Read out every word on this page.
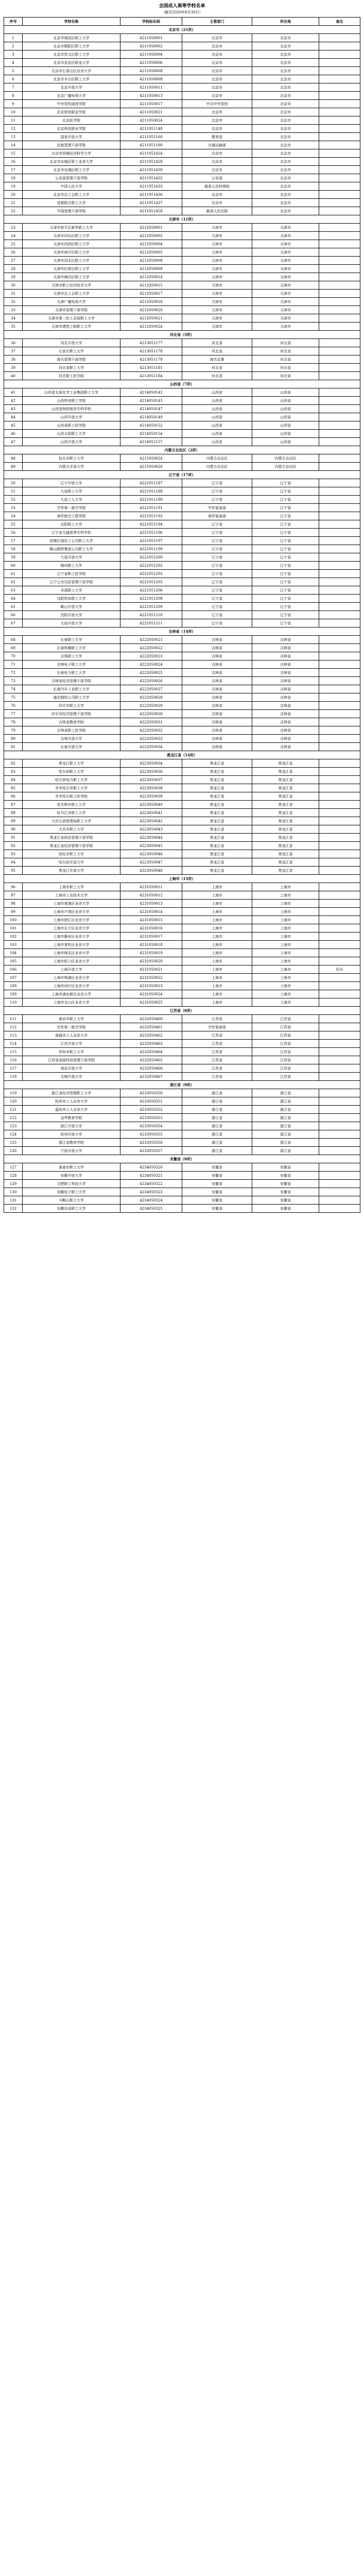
全国成人高等学校名单
（截至2020年6月30日）
序号	学校名称	学校标识码	主管部门	所在地	备注
北京市（21所）					
1	北京市海淀区职工大学	4211050001	北京市	北京市	
2	北京市朝阳区职工大学	4211050002	北京市	北京市	
3	北京市崇文区职工大学	4211050004	北京市	北京市	
4	北京市宣武区职业大学	4211050006	北京市	北京市	
5	北京市石景山区业余大学	4211050008	北京市	北京市	
6	北京市丰台区职工大学	4211050009	北京市	北京市	
7	北京开放大学	4211050011	北京市	北京市	
8	北京广播电视大学	4211050013	北京市	北京市	
9	中央党校函授学院	4211050017	中共中央党校	北京市	
10	北京财贸职业学院	4211050021	北京市	北京市	
11	北京医学院	4211050024	北京市	北京市	
12	北京科技职业学院	4211051148	北京市	北京市	
13	国家开放大学	4211051160	教育部	北京市	
14	民航管理干部学院	4211051180	交通运输部	北京市	
15	北京市西城经济科学大学	4211051424	北京市	北京市	
16	北京市东城区职工业余大学	4211051428	北京市	北京市	
17	北京市东城区职工大学	4211051430	北京市	北京市	
18	公安部管理干部学院	4211051432	公安部	北京市	
19	中国人民大学	4211051433	最高人民检察院	北京市	
20	北京市总工会职工大学	4211051436	北京市	北京市	
21	首都联合职工大学	4211051437	北京市	北京市	
22	中国管理干部学院	4211051458	最高人民法院	北京市	
天津市（11所）					
23	天津市和平区新华职工大学	4212050001	天津市	天津市	
24	天津市河东区职工大学	4212050002	天津市	天津市	
25	天津市河西区职工大学	4212050004	天津市	天津市	
26	天津市南开区职工大学	4212050005	天津市	天津市	
27	天津市河北区职工大学	4212050008	天津市	天津市	
28	天津市红桥区职工大学	4212050009	天津市	天津市	
29	天津市塘沽区职工大学	4212050014	天津市	天津市	
30	天津市职工经济技术大学	4212050015	天津市	天津市	
31	天津市总工会职工大学	4212050017	天津市	天津市	
32	天津广播电视大学	4212050018	天津市	天津市	
33	天津市管理干部学院	4212050020	天津市	天津市	
34	天津市第二轻工业局职工大学	4212050021	天津市	天津市	
35	天津市建筑工程职工大学	4212050024	天津市	天津市	
河北省（5所）					
36	河北开放大学	4213051177	河北省	河北省	
37	石家庄职工大学	4213051178	河北省	河北省	
38	海关管理干部学院	4213051179	海关总署	河北省	
39	河北省职工大学	4213051181	河北省	河北省	
40	河北职工医学院	4213051184	河北省	河北省	
山西省（7所）					
41	山西省太原化学工业集团职工大学	4214050142	山西省	山西省	
42	山西机电职工学院	4214050145	山西省	山西省	
43	山西省财政税务专科学校	4214050147	山西省	山西省	
44	山西开放大学	4214050149	山西省	山西省	
45	山西省职工医学院	4214050152	山西省	山西省	
46	山西太原职工大学	4214050154	山西省	山西省	
47	山西开放大学	4214051157	山西省	山西省	
内蒙古自治区（2所）					
48	包头市职工大学	4215050024	内蒙古自治区	内蒙古自治区	
49	内蒙古开放大学	4215050026	内蒙古自治区	内蒙古自治区	
辽宁省（17所）					
50	辽宁开放大学	4221051187	辽宁省	辽宁省	
51	大连职工大学	4221051188	辽宁省	辽宁省	
52	大连工人大学	4221051190	辽宁省	辽宁省	
53	空军第一航空学院	4221051191	空军装备部	辽宁省	
54	海军航空工程学院	4221051193	海军装备部	辽宁省	
55	沈阳职工大学	4221051194	辽宁省	辽宁省	
56	辽宁省交通高等专科学校	4221051196	辽宁省	辽宁省	
57	抚顺石油化工公司职工大学	4221051197	辽宁省	辽宁省	
58	鞍山钢铁集团公司职工大学	4221051199	辽宁省	辽宁省	
59	大连开放大学	4221051200	辽宁省	辽宁省	
60	锦州职工大学	4221051202	辽宁省	辽宁省	
61	辽宁省职工医学院	4221051203	辽宁省	辽宁省	
62	辽宁公安司法管理干部学院	4221051205	辽宁省	辽宁省	
63	本溪职工大学	4221051206	辽宁省	辽宁省	
64	沈阳机床职工大学	4221051208	辽宁省	辽宁省	
65	鞍山开放大学	4221051209	辽宁省	辽宁省	
66	沈阳开放大学	4221051210	辽宁省	辽宁省	
67	大连开放大学	4221051211	辽宁省	辽宁省	
吉林省（14所）					
68	长春职工大学	4222050021	吉林省	吉林省	
69	长春机械职工大学	4222050022	吉林省	吉林省	
70	吉林职工大学	4222050023	吉林省	吉林省	
71	吉林电子职工大学	4222050024	吉林省	吉林省	
72	长春电力职工大学	4222050025	吉林省	吉林省	
73	吉林省经济管理干部学院	4222050026	吉林省	吉林省	
74	长春汽车工业职工大学	4222050027	吉林省	吉林省	
75	通化钢铁公司职工大学	4222050028	吉林省	吉林省	
76	四平市职工大学	4222050029	吉林省	吉林省	
77	四平市经济管理干部学院	4222050030	吉林省	吉林省	
78	吉林省教育学院	4222050031	吉林省	吉林省	
79	吉林省职工医学院	4222050032	吉林省	吉林省	
80	吉林开放大学	4222050033	吉林省	吉林省	
81	长春开放大学	4222050034	吉林省	吉林省	
黑龙江省（14所）					
82	黑龙江职工大学	4223050034	黑龙江省	黑龙江省	
83	哈尔滨职工大学	4223050036	黑龙江省	黑龙江省	
84	哈尔滨电力职工大学	4223050037	黑龙江省	黑龙江省	
85	齐齐哈尔市职工大学	4223050038	黑龙江省	黑龙江省	
86	齐齐哈尔职工医学院	4223050039	黑龙江省	黑龙江省	
87	佳木斯市职工大学	4223050040	黑龙江省	黑龙江省	
88	牡丹江市职工大学	4223050041	黑龙江省	黑龙江省	
89	大庆石油管理局职工大学	4223050042	黑龙江省	黑龙江省	
90	大庆市职工大学	4223050043	黑龙江省	黑龙江省	
91	黑龙江省政法管理干部学院	4223050044	黑龙江省	黑龙江省	
92	黑龙江省经济管理干部学院	4223050045	黑龙江省	黑龙江省	
93	绥化市职工大学	4223050046	黑龙江省	黑龙江省	
94	哈尔滨开放大学	4223050047	黑龙江省	黑龙江省	
95	黑龙江开放大学	4223050048	黑龙江省	黑龙江省	
上海市（15所）					
96	上海市职工大学	4231050011	上海市	上海市	
97	上海市工业技术大学	4231050012	上海市	上海市	
98	上海市黄浦区业余大学	4231050013	上海市	上海市	
99	上海市卢湾区业余大学	4231050014	上海市	上海市	
100	上海市徐汇区业余大学	4231050015	上海市	上海市	
101	上海市长宁区业余大学	4231050016	上海市	上海市	
102	上海市静安区业余大学	4231050017	上海市	上海市	
103	上海市普陀区业余大学	4231050018	上海市	上海市	
104	上海市闸北区业余大学	4231050019	上海市	上海市	
105	上海市虹口区业余大学	4231050020	上海市	上海市	
106	上海开放大学	4231050021	上海市	上海市	民办
107	上海市杨浦区业余大学	4231050022	上海市	上海市	
108	上海市闵行区业余大学	4231050023	上海市	上海市	
109	上海市浦东新区业余大学	4231050024	上海市	上海市	
110	上海市宝山区业余大学	4231050025	上海市	上海市	
江苏省（8所）					
111	南京市职工大学	4232050460	江苏省	江苏省	
112	空军第二航空学院	4232050461	空军装备部	江苏省	
113	南通市工人业余大学	4232050462	江苏省	江苏省	
114	江苏开放大学	4232050463	江苏省	江苏省	
115	苏州市职工大学	4232050464	江苏省	江苏省	
116	江苏省金陵科技管理干部学院	4232050465	江苏省	江苏省	
117	南京开放大学	4232050466	江苏省	江苏省	
118	无锡开放大学	4232050467	江苏省	江苏省	
浙江省（8所）					
119	浙江省经济管理职工大学	4233050350	浙江省	浙江省	
120	杭州市工人业余大学	4233050351	浙江省	浙江省	
121	温州市工人业余大学	4233050352	浙江省	浙江省	
122	金华教育学院	4233050353	浙江省	浙江省	
123	浙江开放大学	4233050354	浙江省	浙江省	
124	杭州开放大学	4233050355	浙江省	浙江省	
125	浙江省教育学院	4233050356	浙江省	浙江省	
126	宁波开放大学	4233050357	浙江省	浙江省	
安徽省（6所）					
127	淮南市职工大学	4234050320	安徽省	安徽省	
128	安徽开放大学	4234050321	安徽省	安徽省	
129	合肥职工科技大学	4234050322	安徽省	安徽省	
130	安徽电子职工大学	4234050323	安徽省	安徽省	
131	马鞍山职工大学	4234050324	安徽省	安徽省	
132	安徽冶金职工大学	4234050325	安徽省	安徽省	
